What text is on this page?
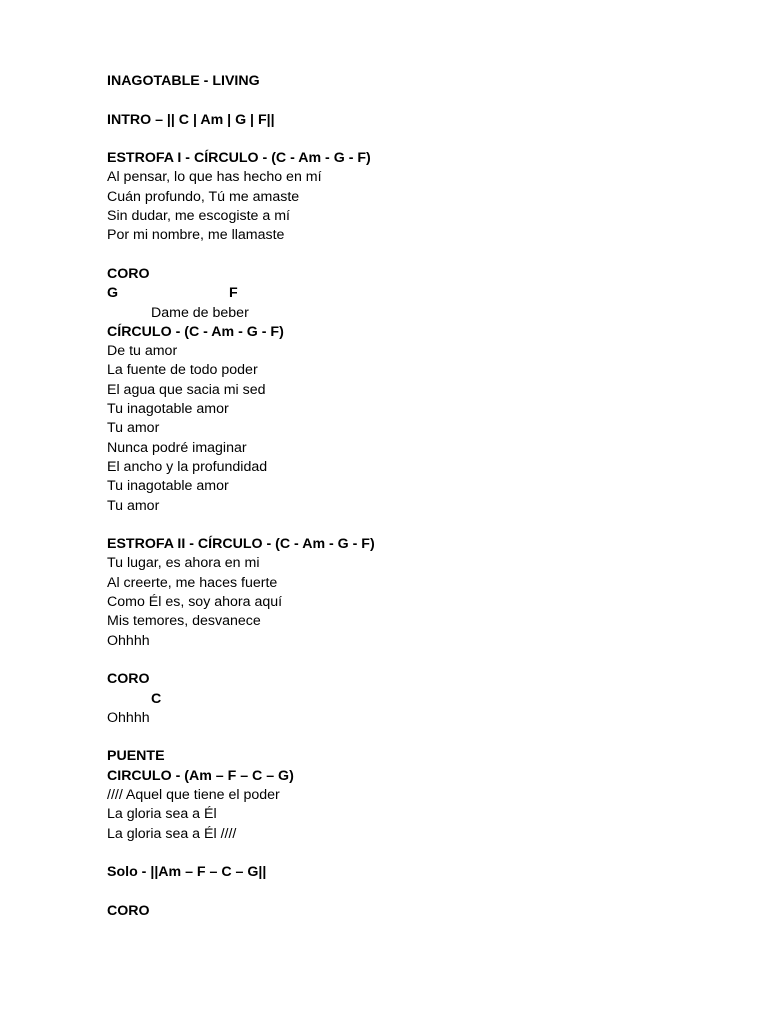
INAGOTABLE - LIVING
INTRO – || C | Am | G | F||
ESTROFA I - CÍRCULO - (C - Am - G - F)
Al pensar, lo que has hecho en mí
Cuán profundo, Tú me amaste
Sin dudar, me escogiste a mí
Por mi nombre, me llamaste
CORO
G	F
Dame de beber
CÍRCULO - (C - Am - G - F)
De tu amor
La fuente de todo poder
El agua que sacia mi sed
Tu inagotable amor
Tu amor
Nunca podré imaginar
El ancho y la profundidad
Tu inagotable amor
Tu amor
ESTROFA II - CÍRCULO - (C - Am - G - F)
Tu lugar, es ahora en mi
Al creerte, me haces fuerte
Como Él es, soy ahora aquí
Mis temores, desvanece
Ohhhh
CORO
C
Ohhhh
PUENTE
CIRCULO - (Am – F – C – G)
//// Aquel que tiene el poder
La gloria sea a Él
La gloria sea a Él ////
Solo - ||Am – F – C – G||
CORO
